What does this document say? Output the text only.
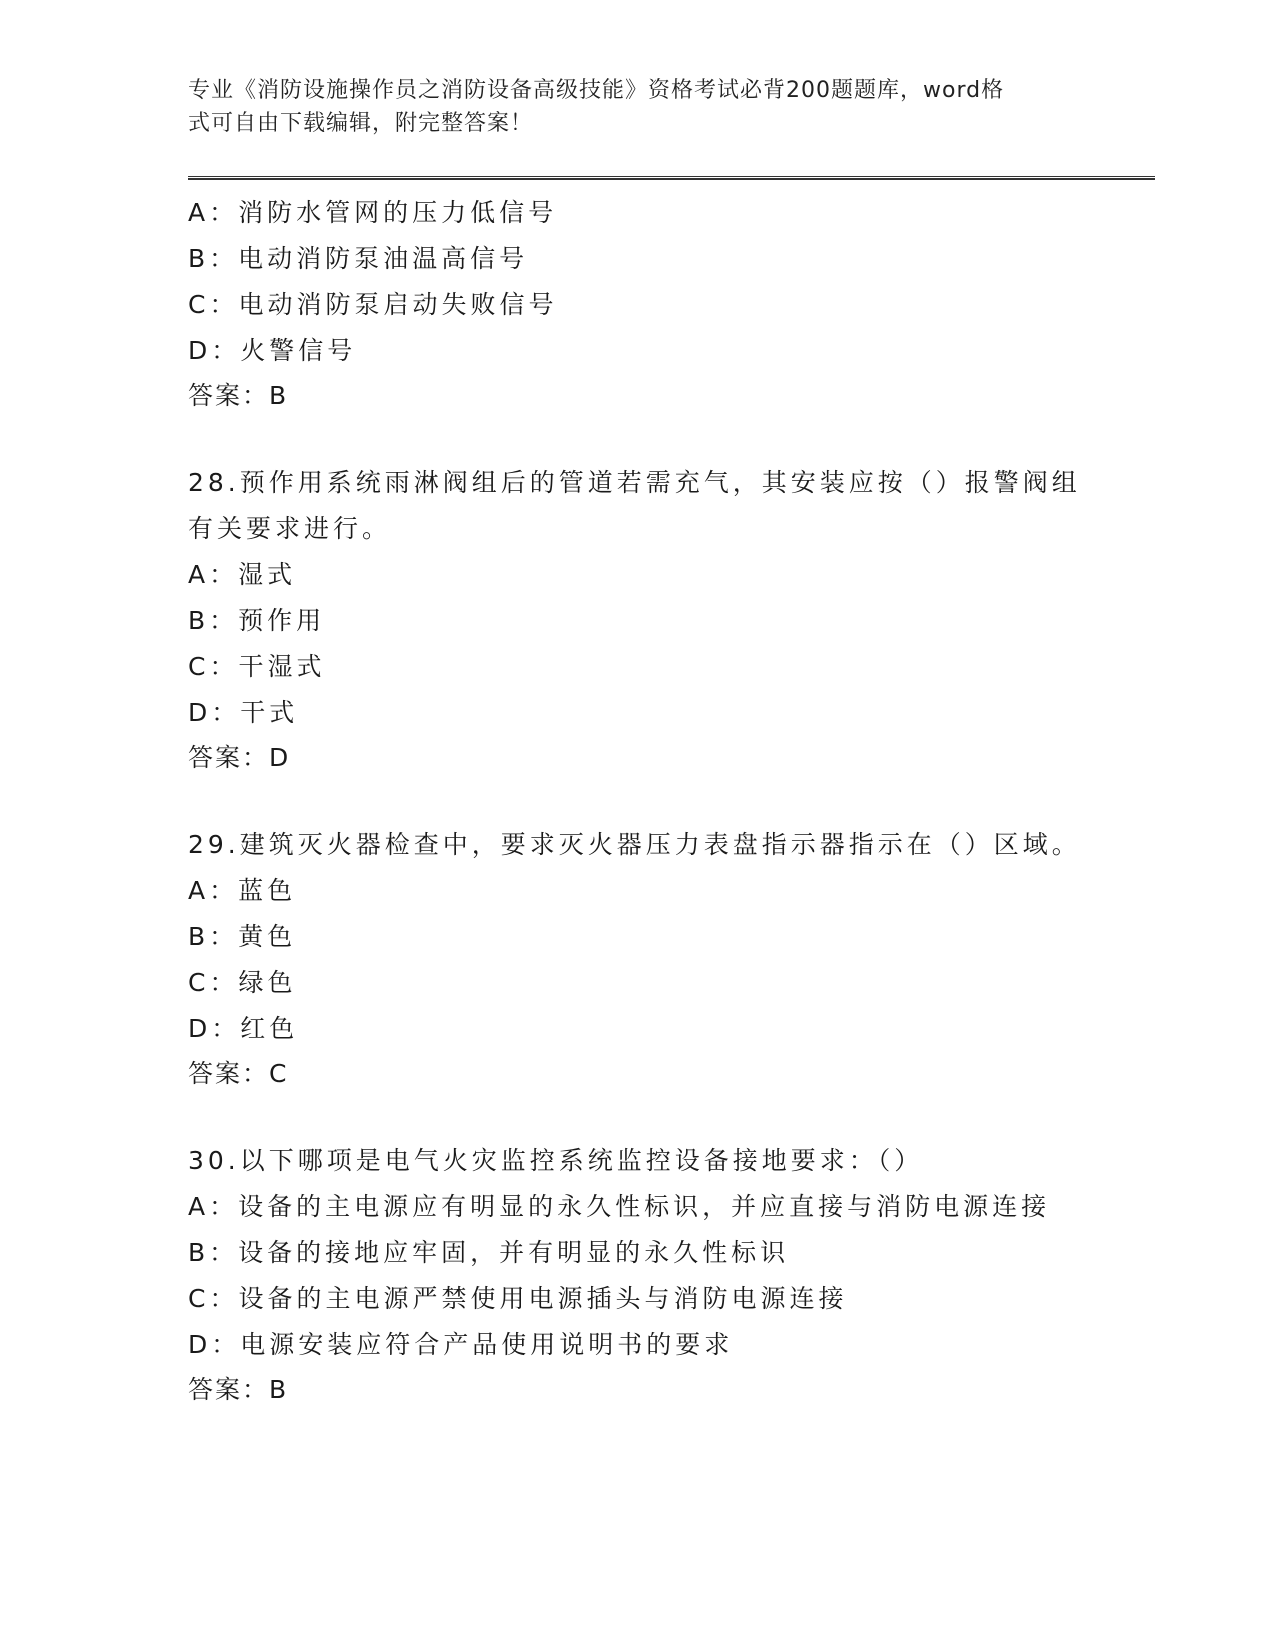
专业《消防设施操作员之消防设备高级技能》资格考试必背200题题库，word格
式可自由下载编辑，附完整答案！
A：消防水管网的压力低信号
B：电动消防泵油温高信号
C：电动消防泵启动失败信号
D：火警信号
答案：B
28.预作用系统雨淋阀组后的管道若需充气，其安装应按（）报警阀组
有关要求进行。
A：湿式
B：预作用
C：干湿式
D：干式
答案：D
29.建筑灭火器检查中，要求灭火器压力表盘指示器指示在（）区域。
A：蓝色
B：黄色
C：绿色
D：红色
答案：C
30.以下哪项是电气火灾监控系统监控设备接地要求：（）
A：设备的主电源应有明显的永久性标识，并应直接与消防电源连接
B：设备的接地应牢固，并有明显的永久性标识
C：设备的主电源严禁使用电源插头与消防电源连接
D：电源安装应符合产品使用说明书的要求
答案：B
